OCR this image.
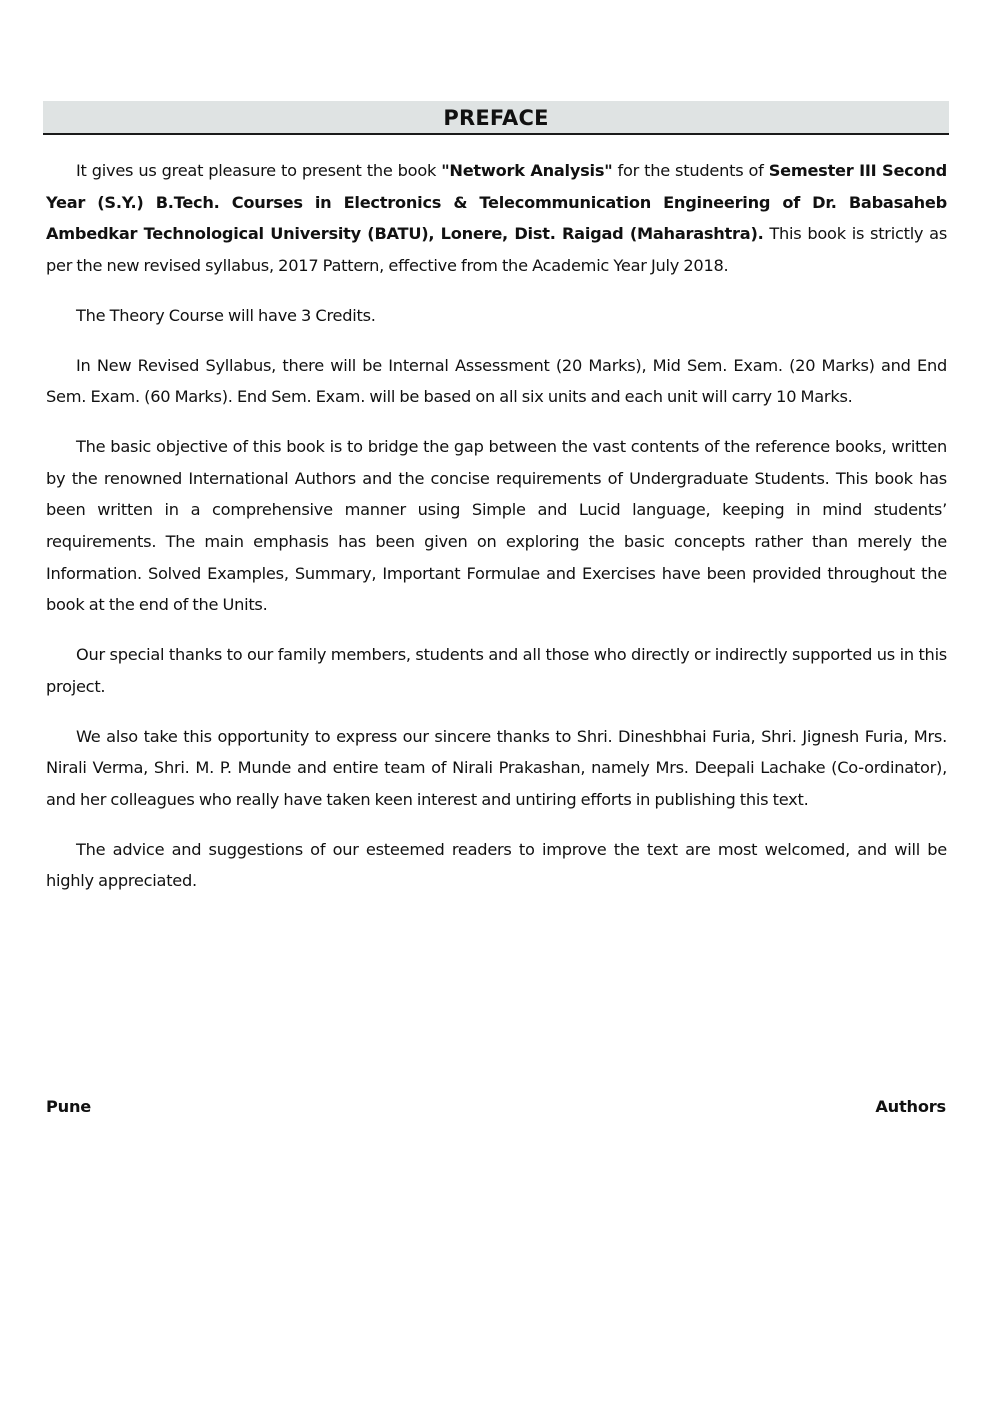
PREFACE

It gives us great pleasure to present the book "Network Analysis" for the students of Semester III Second Year (S.Y.) B.Tech. Courses in Electronics & Telecommunication Engineering of Dr. Babasaheb Ambedkar Technological University (BATU), Lonere, Dist. Raigad (Maharashtra). This book is strictly as per the new revised syllabus, 2017 Pattern, effective from the Academic Year July 2018.

The Theory Course will have 3 Credits.

In New Revised Syllabus, there will be Internal Assessment (20 Marks), Mid Sem. Exam. (20 Marks) and End Sem. Exam. (60 Marks). End Sem. Exam. will be based on all six units and each unit will carry 10 Marks.

The basic objective of this book is to bridge the gap between the vast contents of the reference books, written by the renowned International Authors and the concise requirements of Undergraduate Students. This book has been written in a comprehensive manner using Simple and Lucid language, keeping in mind students’ requirements. The main emphasis has been given on exploring the basic concepts rather than merely the Information. Solved Examples, Summary, Important Formulae and Exercises have been provided throughout the book at the end of the Units.

Our special thanks to our family members, students and all those who directly or indirectly supported us in this project.

We also take this opportunity to express our sincere thanks to Shri. Dineshbhai Furia, Shri. Jignesh Furia, Mrs. Nirali Verma, Shri. M. P. Munde and entire team of Nirali Prakashan, namely Mrs. Deepali Lachake (Co-ordinator), and her colleagues who really have taken keen interest and untiring efforts in publishing this text.

The advice and suggestions of our esteemed readers to improve the text are most welcomed, and will be highly appreciated.

Pune	Authors
